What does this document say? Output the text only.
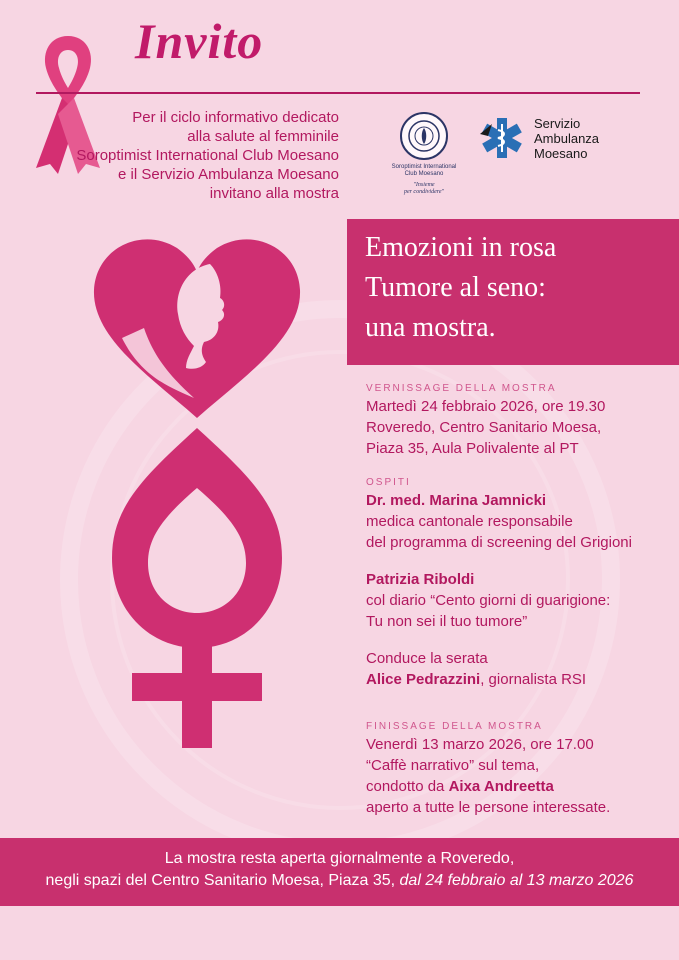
Invito
Per il ciclo informativo dedicato
alla salute al femminile
Soroptimist International Club Moesano
e il Servizio Ambulanza Moesano
invitano alla mostra
Soroptimist International
Club Moesano
"Insieme
per condividere"
Servizio
Ambulanza
Moesano
Emozioni in rosa
Tumore al seno:
una mostra.
VERNISSAGE DELLA MOSTRA
Martedì 24 febbraio 2026, ore 19.30
Roveredo, Centro Sanitario Moesa,
Piaza 35, Aula Polivalente al PT
OSPITI
Dr. med. Marina Jamnicki
medica cantonale responsabile
del programma di screening del Grigioni
Patrizia Riboldi
col diario “Cento giorni di guarigione:
Tu non sei il tuo tumore”
Conduce la serata
Alice Pedrazzini, giornalista RSI
FINISSAGE DELLA MOSTRA
Venerdì 13 marzo 2026, ore 17.00
“Caffè narrativo” sul tema,
condotto da Aixa Andreetta
aperto a tutte le persone interessate.
La mostra resta aperta giornalmente a Roveredo,
negli spazi del Centro Sanitario Moesa, Piaza 35, dal 24 febbraio al 13 marzo 2026
